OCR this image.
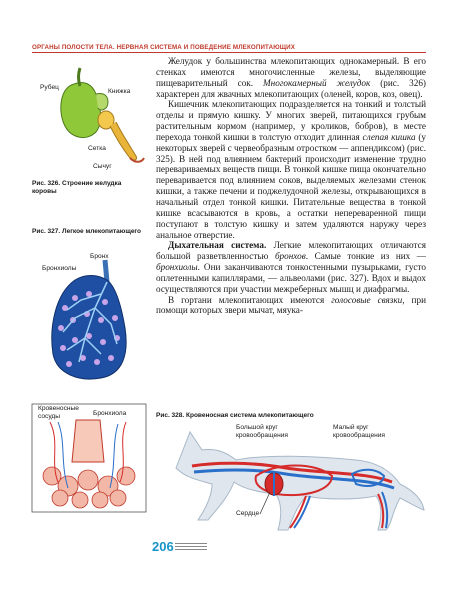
ОРГАНЫ ПОЛОСТИ ТЕЛА. НЕРВНАЯ СИСТЕМА И ПОВЕДЕНИЕ МЛЕКОПИТАЮЩИХ

Желудок у большинства млекопитающих однокамерный. В его стенках имеются многочисленные железы, выделяющие пищеварительный сок. Многокамерный желудок (рис. 326) характерен для жвачных млекопитающих (оленей, коров, коз, овец).

Кишечник млекопитающих подразделяется на тонкий и толстый отделы и прямую кишку. У многих зверей, питающихся грубым растительным кормом (например, у кроликов, бобров), в месте перехода тонкой кишки в толстую отходит длинная слепая кишка (у некоторых зверей с червеобразным отростком — аппендиксом) (рис. 325). В ней под влиянием бактерий происходит изменение трудно перевариваемых веществ пищи. В тонкой кишке пища окончательно переваривается под влиянием соков, выделяемых железами стенок кишки, а также печени и поджелудочной железы, открывающихся в начальный отдел тонкой кишки. Питательные вещества в тонкой кишке всасываются в кровь, а остатки непереваренной пищи поступают в толстую кишку и затем удаляются наружу через анальное отверстие.

Дыхательная система. Легкие млекопитающих отличаются большой разветвленностью бронхов. Самые тонкие из них — бронхиолы. Они заканчиваются тонкостенными пузырьками, густо оплетенными капиллярами, — альвеолами (рис. 327). Вдох и выдох осуществляются при участии межреберных мышц и диафрагмы.

В гортани млекопитающих имеются голосовые связки, при помощи которых звери мычат, мяука-

Рубец
Книжка
Сетка
Сычуг
Рис. 326. Строение желудка коровы
Рис. 327. Легкое млекопитающего
Бронх
Бронхиолы
Кровеносные сосуды	Бронхиола	Рис. 328. Кровеносная система млекопитающего
Большой круг кровообращения
Малый круг кровообращения
Сердце
206
